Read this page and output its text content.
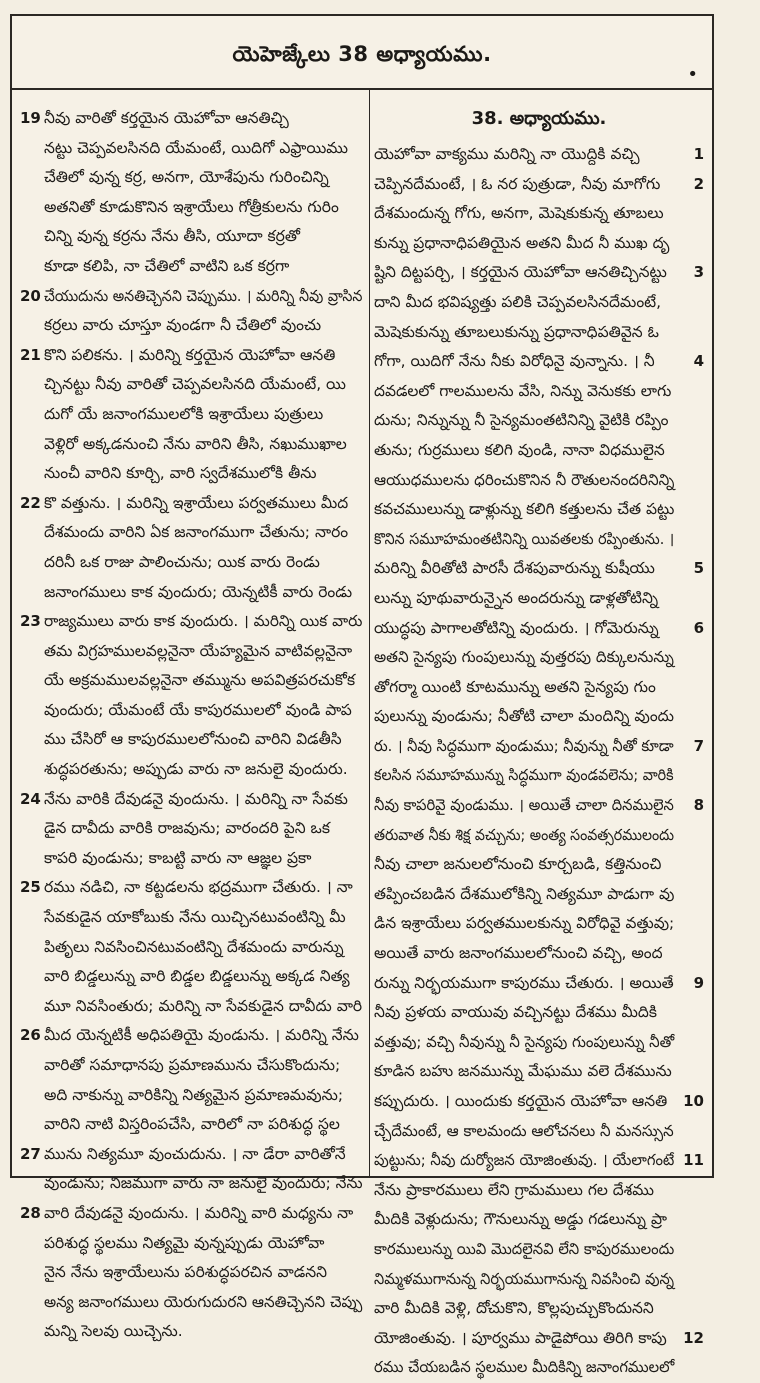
యెహెజ్కేలు 38 అధ్యాయము.
•
19 నీవు వారితో కర్తయైన యెహోవా ఆనతిచ్చి
నట్టు చెప్పవలసినది యేమంటే, యిదిగో ఎఫ్రాయిము
చేతిలో వున్న కర్ర, అనగా, యోశేపును గురించిన్ని
అతనితో కూడుకొనిన ఇశ్రాయేలు గోత్రీకులను గురిం
చిన్ని వున్న కర్రను నేను తీసి, యూదా కర్రతో
కూడా కలిపి, నా చేతిలో వాటిని ఒక కర్రగా
20 చేయుదును అనతిచ్చెనని చెప్పుము. । మరిన్ని నీవు వ్రాసిన
కర్రలు వారు చూస్తూ వుండగా నీ చేతిలో వుంచు
21 కొని పలికను. । మరిన్ని కర్తయైన యెహోవా ఆనతి
చ్చినట్టు నీవు వారితో చెప్పవలసినది యేమంటే, యి
దుగో యే జనాంగములలోకి ఇశ్రాయేలు పుత్రులు
వెళ్లిరో అక్కడనుంచి నేను వారిని తీసి, నఖుముఖాల
నుంచీ వారిని కూర్చి, వారి స్వదేశములోకి తీను
22 కొ వత్తును. । మరిన్ని ఇశ్రాయేలు పర్వతములు మీద
దేశమందు వారిని ఏక జనాంగముగా చేతును; నారం
దరినీ ఒక రాజు పాలించును; యిక వారు రెండు
జనాంగములు కాక వుందురు; యెన్నటికీ వారు రెండు
23 రాజ్యములు వారు కాక వుందురు. । మరిన్ని యిక వారు
తమ విగ్రహములవల్లనైనా యేహ్యమైన వాటివల్లనైనా
యే అక్రమములవల్లనైనా తమ్మును అపవిత్రపరచుకోక
వుందురు; యేమంటే యే కాపురములలో వుండి పాప
ము చేసిరో ఆ కాపురములలోనుంచి వారిని విడతీసి
శుద్ధపరతును; అప్పుడు వారు నా జనులై వుందురు.
24 నేను వారికి దేవుడనై వుందును. । మరిన్ని నా సేవకు
డైన దావీదు వారికి రాజవును; వారందరి పైని ఒక
కాపరి వుండును; కాబట్టి వారు నా ఆజ్ఞల ప్రకా
25 రము నడిచి, నా కట్టడలను భద్రముగా చేతురు. । నా
సేవకుడైన యాకోబుకు నేను యిచ్చినటువంటిన్ని మీ
పితృలు నివసించినటువంటిన్ని దేశమందు వారున్ను
వారి బిడ్డలున్ను వారి బిడ్డల బిడ్డలున్ను అక్కడ నిత్య
మూ నివసింతురు; మరిన్ని నా సేవకుడైన దావీదు వారి
26 మీద యెన్నటికీ అధిపతియై వుండును. । మరిన్ని నేను
వారితో సమాధానపు ప్రమాణమును చేసుకొందును;
అది నాకున్ను వారికిన్ని నిత్యమైన ప్రమాణమవును;
వారిని నాటి విస్తరింపచేసి, వారిలో నా పరిశుద్ధ స్థల
27 మును నిత్యమూ వుంచుదును. । నా డేరా వారితోనే
వుండును; నిజముగా వారు నా జనులై వుందురు; నేను
28 వారి దేవుడనై వుందును. । మరిన్ని వారి మధ్యను నా
పరిశుద్ధ స్థలము నిత్యమై వున్నప్పుడు యెహోవా
నైన నేను ఇశ్రాయేలును పరిశుద్ధపరచిన వాడనని
అన్య జనాంగములు యెరుగుదురని ఆనతిచ్చెనని చెప్పు
మన్ని సెలవు యిచ్చెను.
38. అధ్యాయము.
యెహోవా వాక్యము మరిన్ని నా యొద్దికి వచ్చి	1
చెప్పినదేమంటే, । ఓ నర పుత్రుడా, నీవు మాగోగు 2
దేశమందున్న గోగు, అనగా, మెషెకుకున్న తూబలు
కున్ను ప్రధానాధిపతియైన అతని మీద నీ ముఖ దృ
ష్టిని దిట్టపర్చి, । కర్తయైన యెహోవా ఆనతిచ్చినట్టు 3
దాని మీద భవిష్యత్తు పలికి చెప్పవలసినదేమంటే,
మెషెకుకున్ను తూబలుకున్ను ప్రధానాధిపతివైన ఓ
గోగా, యిదిగో నేను నీకు విరోధినై వున్నాను. । నీ	4
దవడలలో గాలములను వేసి, నిన్ను వెనుకకు లాగు
దును; నిన్నున్ను నీ సైన్యమంతటినిన్ని వైటికి రప్పిం
తును; గుర్రములు కలిగి వుండి, నానా విధములైన
ఆయుధములను ధరించుకొనిన నీ రౌతులనందరినిన్ని
కవచములున్ను డాళ్లున్ను కలిగి కత్తులను చేత పట్టు
కొనిన సమూహమంతటినిన్ని యివతలకు రప్పింతును. ।
మరిన్ని వీరితోటి పారసీ దేశపువారున్ను కుషీయు	5
లున్ను పూథువారున్నైన అందరున్ను డాళ్లతోటిన్ని
యుద్ధపు పాగాలతోటిన్ని వుందురు. । గోమెరున్ను 6
అతని సైన్యపు గుంపులున్ను వుత్తరపు దిక్కులనున్ను
తోగర్మా యింటి కూటమున్ను అతని సైన్యపు గుం
పులున్ను వుండును; నీతోటి చాలా మందిన్ని వుందు
రు. । నీవు సిద్ధముగా వుండుము; నీవున్ను నీతో కూడా 7
కలసిన సమూహమున్ను సిద్ధముగా వుండవలెను; వారికి
నీవు కాపరివై వుండుము. । అయితే చాలా దినములైన 8
తరువాత నీకు శిక్ష వచ్చును; అంత్య సంవత్సరములందు
నీవు చాలా జనులలోనుంచి కూర్చబడి, కత్తినుంచి
తప్పించబడిన దేశములోకిన్ని నిత్యమూ పాడుగా వు
డిన ఇశ్రాయేలు పర్వతములకున్ను విరోధివై వత్తువు;
అయితే వారు జనాంగములలోనుంచి వచ్చి, అంద
రున్ను నిర్భయముగా కాపురము చేతురు. । అయితే 9
నీవు ప్రళయ వాయువు వచ్చినట్టు దేశము మీదికి
వత్తువు; వచ్చి నీవున్ను నీ సైన్యపు గుంపులున్ను నీతో
కూడిన బహు జనమున్ను మేఘము వలె దేశమును
కప్పుదురు. । యిందుకు కర్తయైన యెహోవా ఆనతి 10
చ్చేదేమంటే, ఆ కాలమందు ఆలోచనలు నీ మనస్సున
పుట్టును; నీవు దుర్యోజన యోజింతువు. । యేలాగంటే 11
నేను ప్రాకారములు లేని గ్రామములు గల దేశము
మీదికి వెళ్లుదును; గౌనులున్ను అడ్డు గడలున్ను ప్రా
కారములున్ను యివి మొదలైనవి లేని కాపురములందు
నిమ్మళముగానున్న నిర్భయముగానున్న నివసించి వున్న
వారి మీదికి వెళ్లి, దోచుకొని, కొల్లపుచ్చుకొందునని
యోజింతువు. । పూర్వము పాడైపోయి తిరిగి కాపు 12
రము చేయబడిన స్థలముల మీదికిన్ని జనాంగములలో
